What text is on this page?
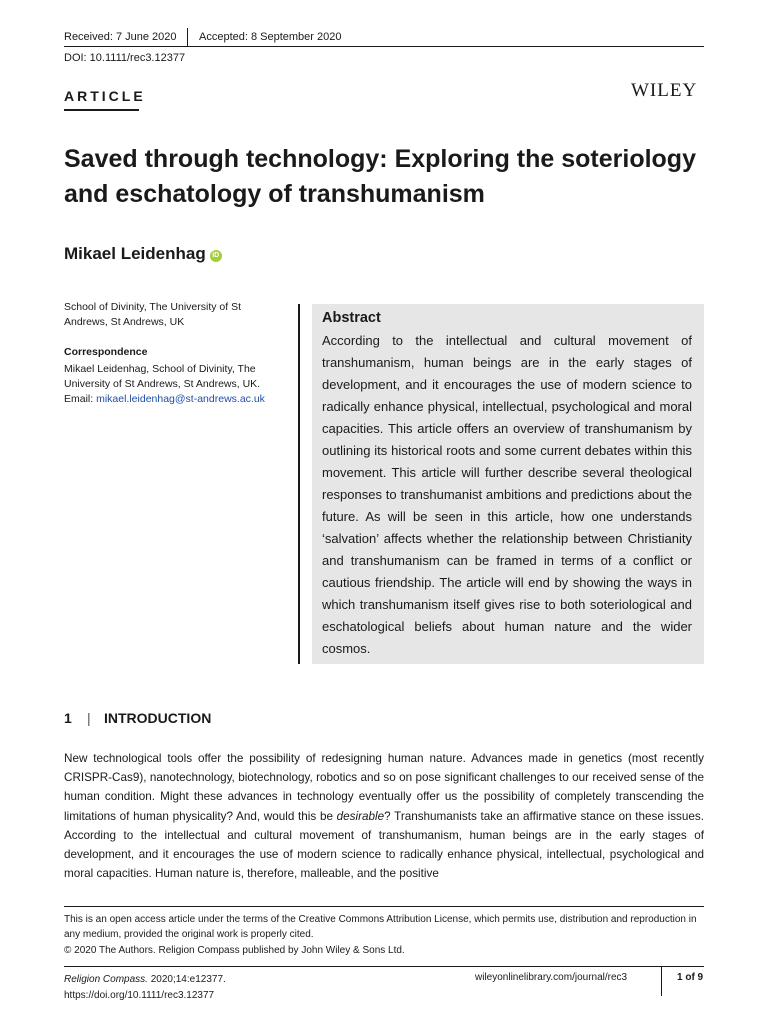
Received: 7 June 2020 Accepted: 8 September 2020
DOI: 10.1111/rec3.12377
ARTICLE	WILEY
Saved through technology: Exploring the soteriology and eschatology of transhumanism
Mikael Leidenhag iD
School of Divinity, The University of St Andrews, St Andrews, UK
Correspondence
Mikael Leidenhag, School of Divinity, The University of St Andrews, St Andrews, UK.
Email: mikael.leidenhag@st-andrews.ac.uk
Abstract
According to the intellectual and cultural movement of transhumanism, human beings are in the early stages of development, and it encourages the use of modern science to radically enhance physical, intellectual, psychological and moral capacities. This article offers an overview of transhumanism by outlining its historical roots and some current debates within this movement. This article will further describe several theological responses to transhumanist ambitions and predictions about the future. As will be seen in this article, how one understands ‘salvation’ affects whether the relationship between Christianity and transhumanism can be framed in terms of a conflict or cautious friendship. The article will end by showing the ways in which transhumanism itself gives rise to both soteriological and eschatological beliefs about human nature and the wider cosmos.
1 | INTRODUCTION
New technological tools offer the possibility of redesigning human nature. Advances made in genetics (most recently CRISPR-Cas9), nanotechnology, biotechnology, robotics and so on pose significant challenges to our received sense of the human condition. Might these advances in technology eventually offer us the possibility of completely transcending the limitations of human physicality? And, would this be desirable? Transhumanists take an affirmative stance on these issues. According to the intellectual and cultural movement of transhumanism, human beings are in the early stages of development, and it encourages the use of modern science to radically enhance physical, intellectual, psychological and moral capacities. Human nature is, therefore, malleable, and the positive
This is an open access article under the terms of the Creative Commons Attribution License, which permits use, distribution and reproduction in any medium, provided the original work is properly cited.
© 2020 The Authors. Religion Compass published by John Wiley & Sons Ltd.
Religion Compass. 2020;14:e12377.
https://doi.org/10.1111/rec3.12377
wileyonlinelibrary.com/journal/rec3	1 of 9
